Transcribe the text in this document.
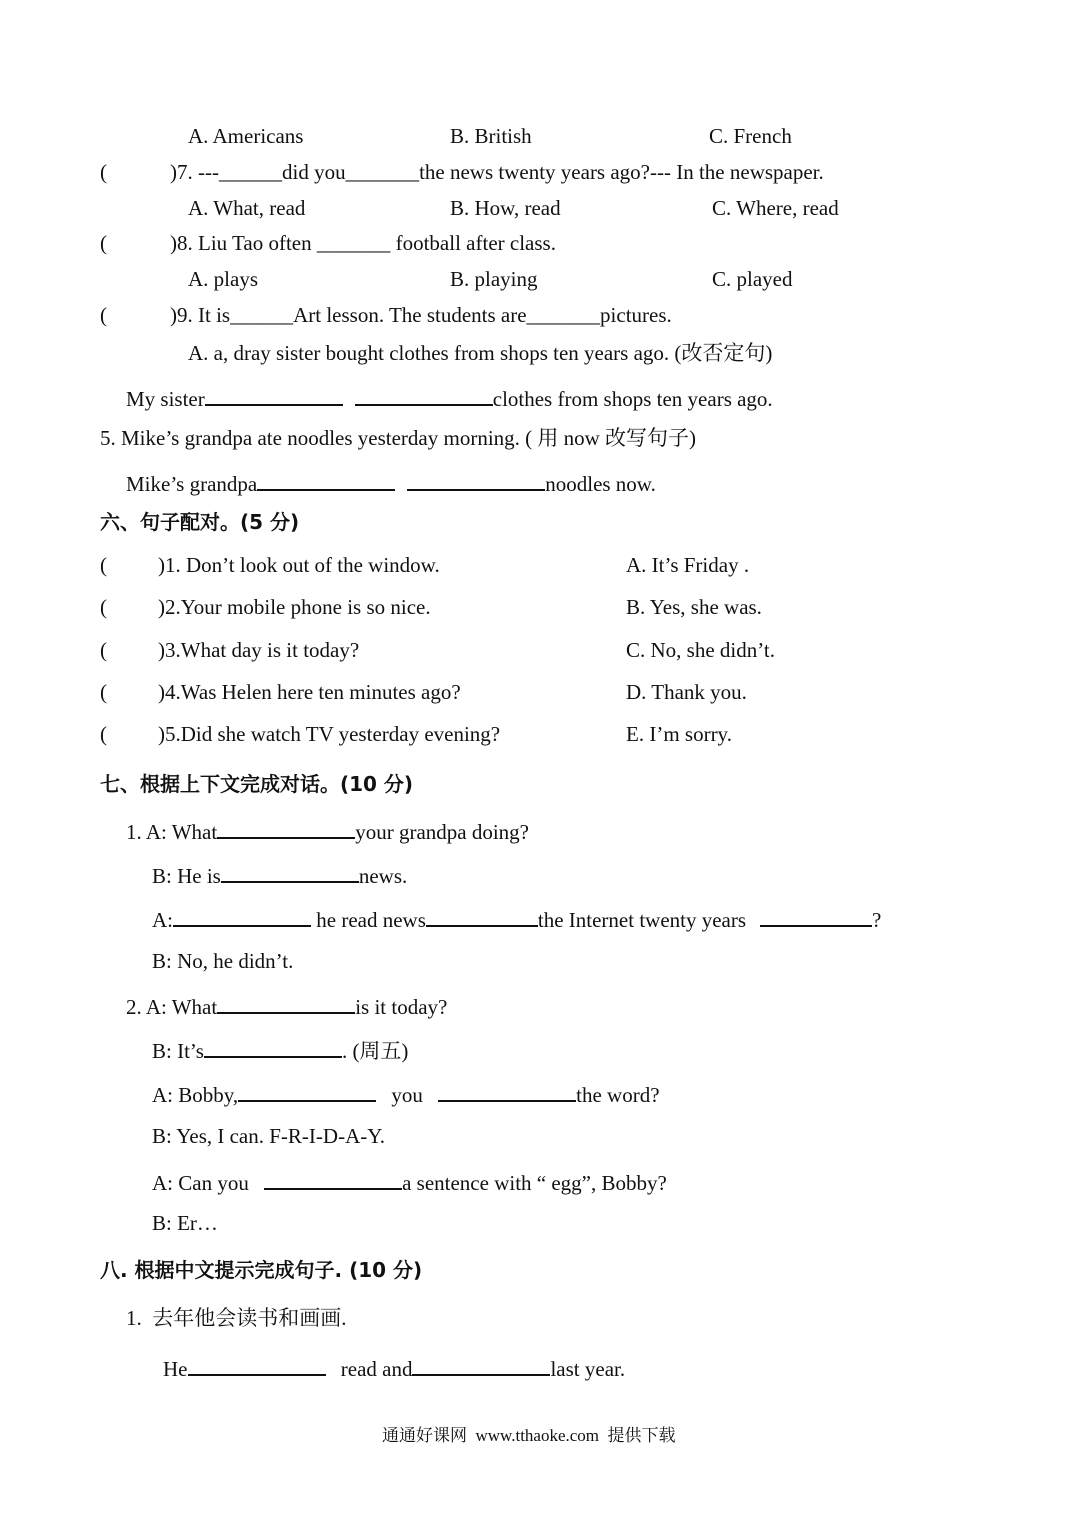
A. Americans	B. British	C. French
(	)7. ---______did you_______the news twenty years ago?--- In the newspaper.
A. What, read	B. How, read	C. Where, read
(	)8. Liu Tao often _______ football after class.
A. plays	B. playing	C. played
(	)9. It is______Art lesson. The students are_______pictures.
A. a, dray sister bought clothes from shops ten years ago. (改否定句)
My sister	clothes from shops ten years ago.
5. Mike’s grandpa ate noodles yesterday morning. ( 用 now 改写句子)
Mike’s grandpa	noodles now.
六、句子配对。(5 分)
( )1. Don’t look out of the window.	A. It’s Friday .
( )2.Your mobile phone is so nice.	B. Yes, she was.
( )3.What day is it today?	C. No, she didn’t.
( )4.Was Helen here ten minutes ago?	D. Thank you.
( )5.Did she watch TV yesterday evening?	E. I’m sorry.
七、根据上下文完成对话。(10 分)
1. A: What	your grandpa doing?
B: He is	news.
A:	he read news	the Internet twenty years	?
B: No, he didn’t.
2. A: What	is it today?
B: It’s	. (周五)
A: Bobby,	you	the word?
B: Yes, I can. F-R-I-D-A-Y.
A: Can you	a sentence with “ egg”, Bobby?
B: Er…
八. 根据中文提示完成句子. (10 分)
1.  去年他会读书和画画.
He	read and	last year.
通通好课网  www.tthaoke.com  提供下载
